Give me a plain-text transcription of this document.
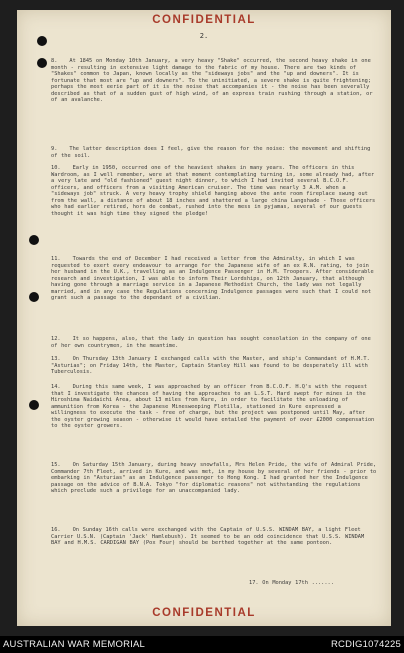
CONFIDENTIAL
2.
8. At 1845 on Monday 10th January, a very heavy "Shake" occurred, the second heavy shake in one month - resulting in extensive light damage to the fabric of my house. There are two kinds of "Shakes" common to Japan, known locally as the "sideways jobs" and the "up and downers". It is fortunate that most are "up and downers". To the uninitiated, a severe shake is quite frightening; perhaps the most eerie part of it is the noise that accompanies it - the noise has been severally described as that of a sudden gust of high wind, of an express train rushing through a station, or of an avalanche.
9. The latter description does I feel, give the reason for the noise: the movement and shifting of the soil.
10. Early in 1950, occurred one of the heaviest shakes in many years. The officers in this Wardroom, as I well remember, were at that moment contemplating turning in, some already had, after a very late and "old fashioned" guest night dinner, to which I had invited several B.C.O.F. officers, and officers from a visiting American cruiser. The time was nearly 3 A.M. when a "sideways job" struck. A very heavy trophy shield hanging above the ante room fireplace swung out from the wall, a distance of about 18 inches and shattered a large china Langshade - Those officers who had earlier retired, hors de combat, rushed into the mess in pyjamas, several of our guests thought it was high time they signed the pledge!
11. Towards the end of December I had received a letter from the Admiralty, in which I was requested to exert every endeavour to arrange for the Japanese wife of an ex R.N. rating, to join her husband in the U.K., travelling as an Indulgence Passenger in H.M. Troopers. After considerable research and investigation, I was able to inform Their Lordships, on 12th January, that although having gone through a marriage service in a Japanese Methodist Church, the lady was not legally married, and in any case the Regulations concerning Indulgence passages were such that I could not grant such a passage to the dependant of a civilian.
12. It so happens, also, that the lady in question has sought consolation in the company of one of her own countrymen, in the meantime.
13. On Thursday 13th January I exchanged calls with the Master, and ship's Commandant of H.M.T. "Asturias"; on Friday 14th, the Master, Captain Stanley Hill was found to be desperately ill with Tuberculosis.
14. During this same week, I was approached by an officer from B.C.O.F. H.Q's with the request that I investigate the chances of having the approaches to an L.S.T. Hard swept for mines in the Hiroshima Naidaichi Area, about 13 miles from Kure, in order to facilitate the unloading of ammunition from Korea - the Japanese Minesweeping Flotilla, stationed in Kure expressed a willingness to execute the task - free of charge, but the project was postponed until May, after the oyster growing season - otherwise it would have entailed the payment of over £2000 compensation to the oyster growers.
15. On Saturday 15th January, during heavy snowfalls, Mrs Helen Pride, the wife of Admiral Pride, Commander 7th Fleet, arrived in Kure, and was met, in my house by several of her friends - prior to embarking in "Asturias" as an Indulgence passenger to Hong Kong. I had granted her the Indulgence passage on the advice of B.N.A. Tokyo "for diplomatic reasons" not withstanding the regulations which preclude such a privilege for an unaccompanied lady.
16. On Sunday 16th calls were exchanged with the Captain of U.S.S. WINDAM BAY, a light Fleet Carrier U.S.N. (Captain 'Jack' Hamlebush). It seemed to be an odd coincidence that U.S.S. WINDAM BAY and H.M.S. CARDIGAN BAY (Pox Four) should be berthed together at the same pontoon.
17. On Monday 17th .......
CONFIDENTIAL
AUSTRALIAN WAR MEMORIAL	RCDIG1074225
